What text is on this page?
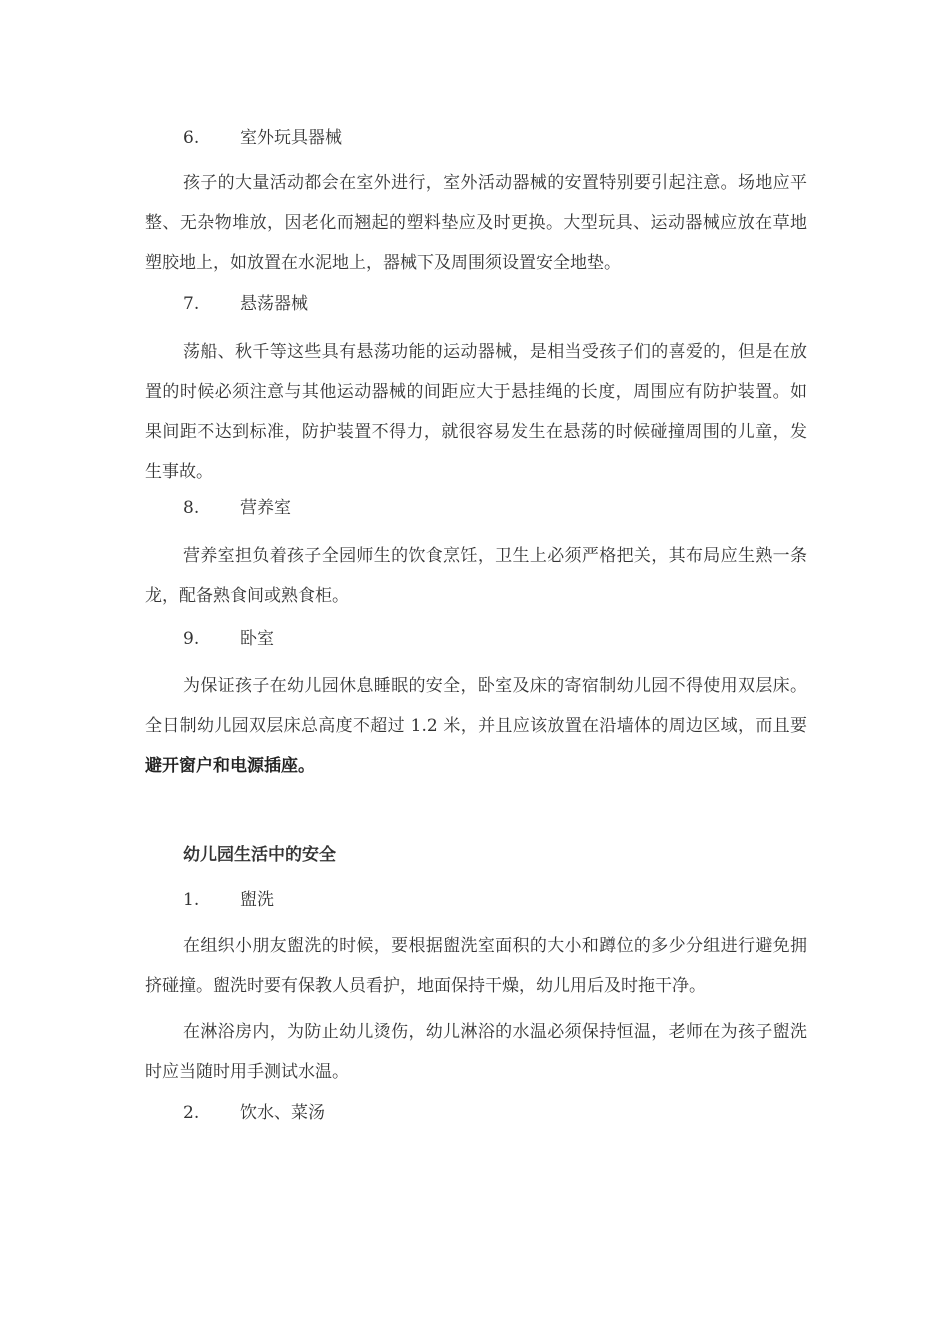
6. 室外玩具器械
孩子的大量活动都会在室外进行，室外活动器械的安置特别要引起注意。场地应平整、无杂物堆放，因老化而翘起的塑料垫应及时更换。大型玩具、运动器械应放在草地塑胶地上，如放置在水泥地上，器械下及周围须设置安全地垫。
7. 悬荡器械
荡船、秋千等这些具有悬荡功能的运动器械，是相当受孩子们的喜爱的，但是在放置的时候必须注意与其他运动器械的间距应大于悬挂绳的长度，周围应有防护装置。如果间距不达到标准，防护装置不得力，就很容易发生在悬荡的时候碰撞周围的儿童，发生事故。
8. 营养室
营养室担负着孩子全园师生的饮食烹饪，卫生上必须严格把关，其布局应生熟一条龙，配备熟食间或熟食柜。
9. 卧室
为保证孩子在幼儿园休息睡眠的安全，卧室及床的寄宿制幼儿园不得使用双层床。全日制幼儿园双层床总高度不超过 1.2 米，并且应该放置在沿墙体的周边区域，而且要避开窗户和电源插座。
幼儿园生活中的安全
1. 盥洗
在组织小朋友盥洗的时候，要根据盥洗室面积的大小和蹲位的多少分组进行避免拥挤碰撞。盥洗时要有保教人员看护，地面保持干燥，幼儿用后及时拖干净。
在淋浴房内，为防止幼儿烫伤，幼儿淋浴的水温必须保持恒温，老师在为孩子盥洗时应当随时用手测试水温。
2. 饮水、菜汤
